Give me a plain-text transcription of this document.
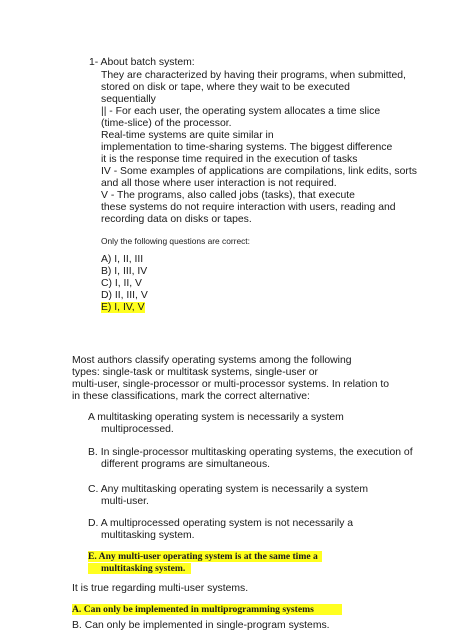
1- About batch system:
They are characterized by having their programs, when submitted,
stored on disk or tape, where they wait to be executed
sequentially
|| - For each user, the operating system allocates a time slice
(time-slice) of the processor.
Real-time systems are quite similar in
implementation to time-sharing systems. The biggest difference
it is the response time required in the execution of tasks
IV - Some examples of applications are compilations, link edits, sorts
and all those where user interaction is not required.
V - The programs, also called jobs (tasks), that execute
these systems do not require interaction with users, reading and
recording data on disks or tapes.
Only the following questions are correct:
A) I, II, III
B) I, III, IV
C) I, II, V
D) II, III, V
E) I, IV, V
Most authors classify operating systems among the following
types: single-task or multitask systems, single-user or
multi-user, single-processor or multi-processor systems. In relation to
in these classifications, mark the correct alternative:
A multitasking operating system is necessarily a system
multiprocessed.
B. In single-processor multitasking operating systems, the execution of
different programs are simultaneous.
C. Any multitasking operating system is necessarily a system
multi-user.
D. A multiprocessed operating system is not necessarily a
multitasking system.
E. Any multi-user operating system is at the same time a
multitasking system.
It is true regarding multi-user systems.
A. Can only be implemented in multiprogramming systems
B. Can only be implemented in single-program systems.
